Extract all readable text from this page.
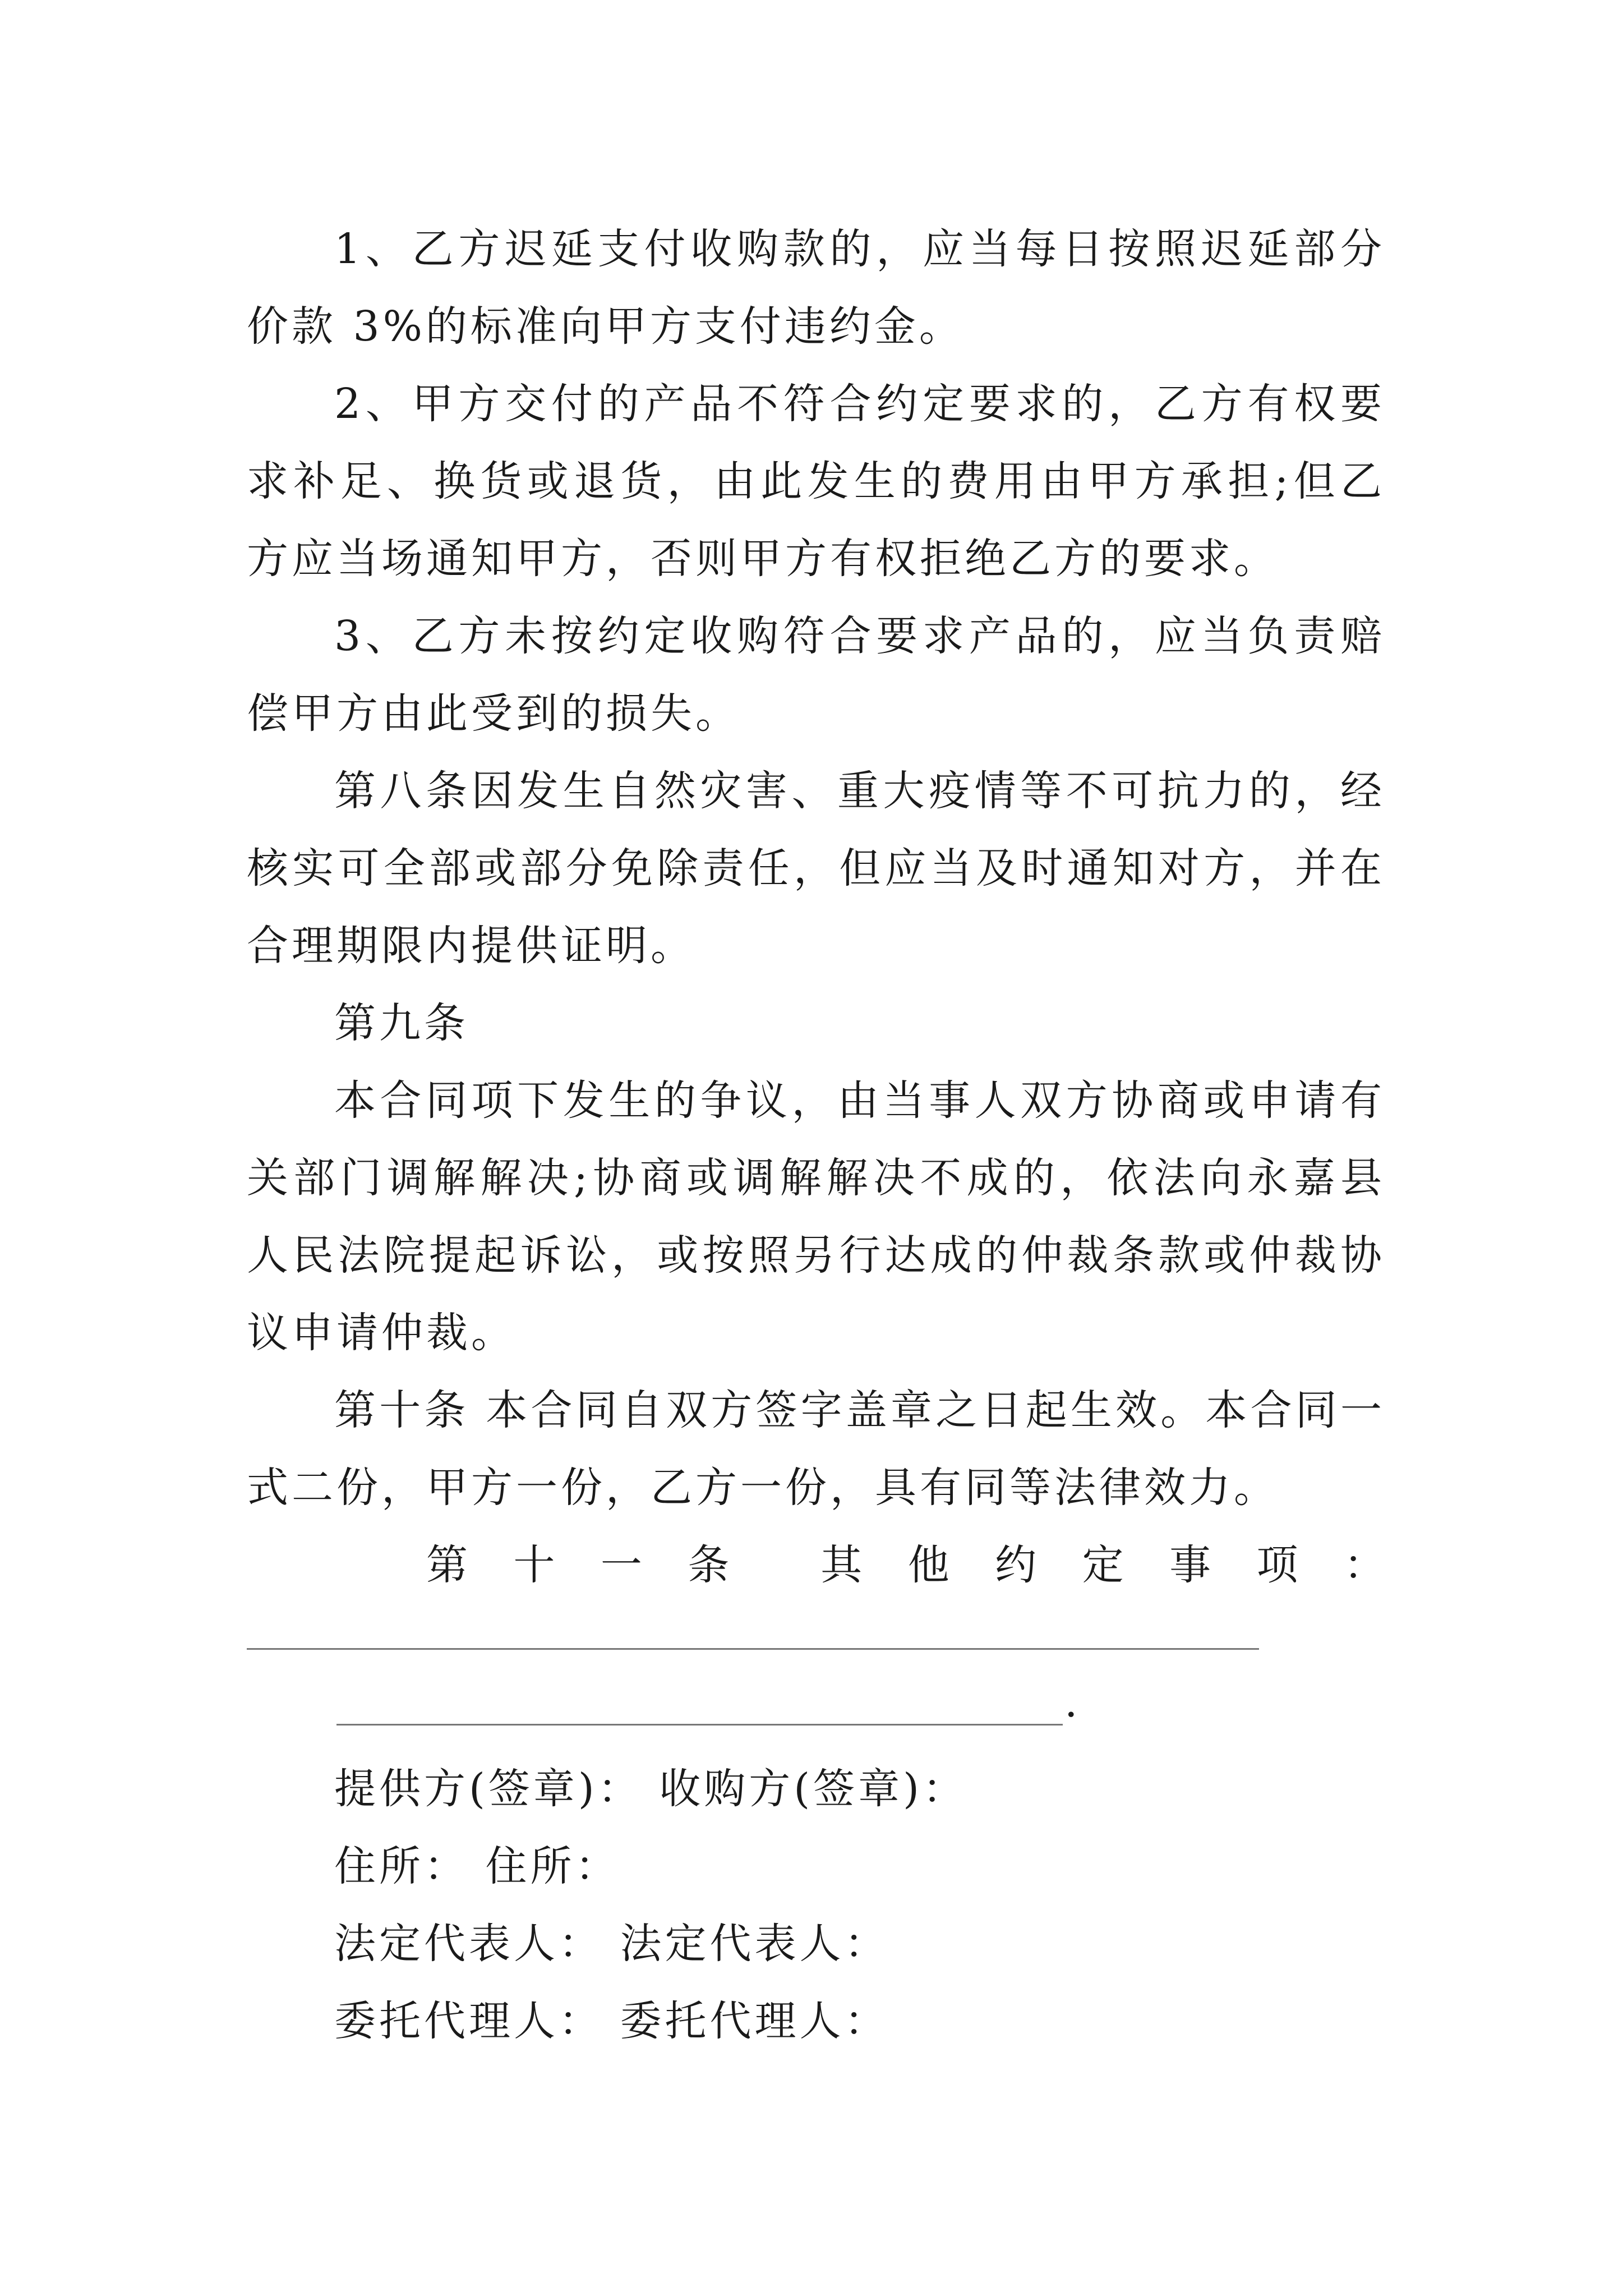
1、乙方迟延支付收购款的，应当每日按照迟延部分价款 3%的标准向甲方支付违约金。

2、甲方交付的产品不符合约定要求的，乙方有权要求补足、换货或退货，由此发生的费用由甲方承担;但乙方应当场通知甲方，否则甲方有权拒绝乙方的要求。

3、乙方未按约定收购符合要求产品的，应当负责赔偿甲方由此受到的损失。

第八条因发生自然灾害、重大疫情等不可抗力的，经核实可全部或部分免除责任，但应当及时通知对方，并在合理期限内提供证明。

第九条

本合同项下发生的争议，由当事人双方协商或申请有关部门调解解决;协商或调解解决不成的，依法向永嘉县人民法院提起诉讼，或按照另行达成的仲裁条款或仲裁协议申请仲裁。

第十条 本合同自双方签字盖章之日起生效。本合同一式二份，甲方一份，乙方一份，具有同等法律效力。

第 十 一 条 其 他 约 定 事 项 ：

.

提供方(签章)： 收购方(签章)：

住所： 住所：

法定代表人： 法定代表人：

委托代理人： 委托代理人：
